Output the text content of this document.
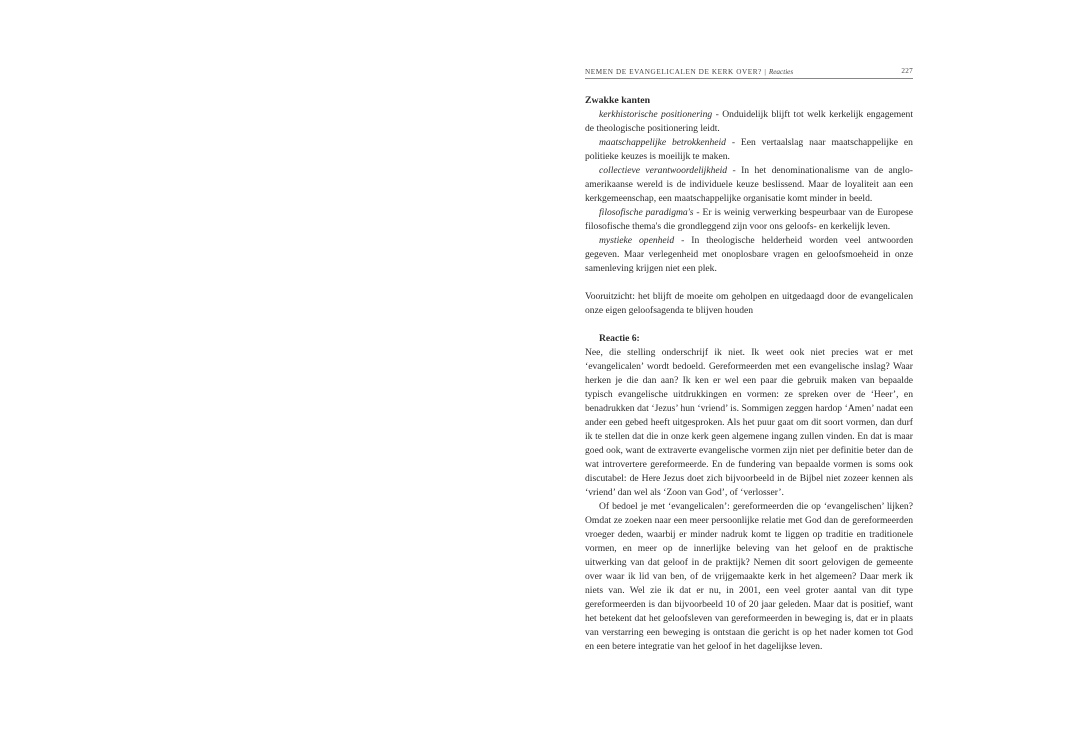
NEMEN DE EVANGELICALEN DE KERK OVER? | Reacties	227

Zwakke kanten

kerkhistorische positionering - Onduidelijk blijft tot welk kerkelijk engagement de theologische positionering leidt.

maatschappelijke betrokkenheid - Een vertaalslag naar maatschappelijke en politieke keuzes is moeilijk te maken.

collectieve verantwoordelijkheid - In het denominationalisme van de anglo-amerikaanse wereld is de individuele keuze beslissend. Maar de loyaliteit aan een kerkgemeenschap, een maatschappelijke organisatie komt minder in beeld.

filosofische paradigma's - Er is weinig verwerking bespeurbaar van de Europese filosofische thema's die grondleggend zijn voor ons geloofs- en kerkelijk leven.

mystieke openheid - In theologische helderheid worden veel antwoorden gegeven. Maar verlegenheid met onoplosbare vragen en geloofsmoeheid in onze samenleving krijgen niet een plek.

Vooruitzicht: het blijft de moeite om geholpen en uitgedaagd door de evangelicalen onze eigen geloofsagenda te blijven houden

Reactie 6:

Nee, die stelling onderschrijf ik niet. Ik weet ook niet precies wat er met ‘evangelicalen’ wordt bedoeld. Gereformeerden met een evangelische inslag? Waar herken je die dan aan? Ik ken er wel een paar die gebruik maken van bepaalde typisch evangelische uitdrukkingen en vormen: ze spreken over de ‘Heer’, en benadrukken dat ‘Jezus’ hun ‘vriend’ is. Sommigen zeggen hardop ‘Amen’ nadat een ander een gebed heeft uitgesproken. Als het puur gaat om dit soort vormen, dan durf ik te stellen dat die in onze kerk geen algemene ingang zullen vinden. En dat is maar goed ook, want de extraverte evangelische vormen zijn niet per definitie beter dan de wat introvertere gereformeerde. En de fundering van bepaalde vormen is soms ook discutabel: de Here Jezus doet zich bijvoorbeeld in de Bijbel niet zozeer kennen als ‘vriend’ dan wel als ‘Zoon van God’, of ‘verlosser’.

Of bedoel je met ‘evangelicalen’: gereformeerden die op ‘evangelischen’ lijken? Omdat ze zoeken naar een meer persoonlijke relatie met God dan de gereformeerden vroeger deden, waarbij er minder nadruk komt te liggen op traditie en traditionele vormen, en meer op de innerlijke beleving van het geloof en de praktische uitwerking van dat geloof in de praktijk? Nemen dit soort gelovigen de gemeente over waar ik lid van ben, of de vrijgemaakte kerk in het algemeen? Daar merk ik niets van. Wel zie ik dat er nu, in 2001, een veel groter aantal van dit type gereformeerden is dan bijvoorbeeld 10 of 20 jaar geleden. Maar dat is positief, want het betekent dat het geloofsleven van gereformeerden in beweging is, dat er in plaats van verstarring een beweging is ontstaan die gericht is op het nader komen tot God en een betere integratie van het geloof in het dagelijkse leven.
